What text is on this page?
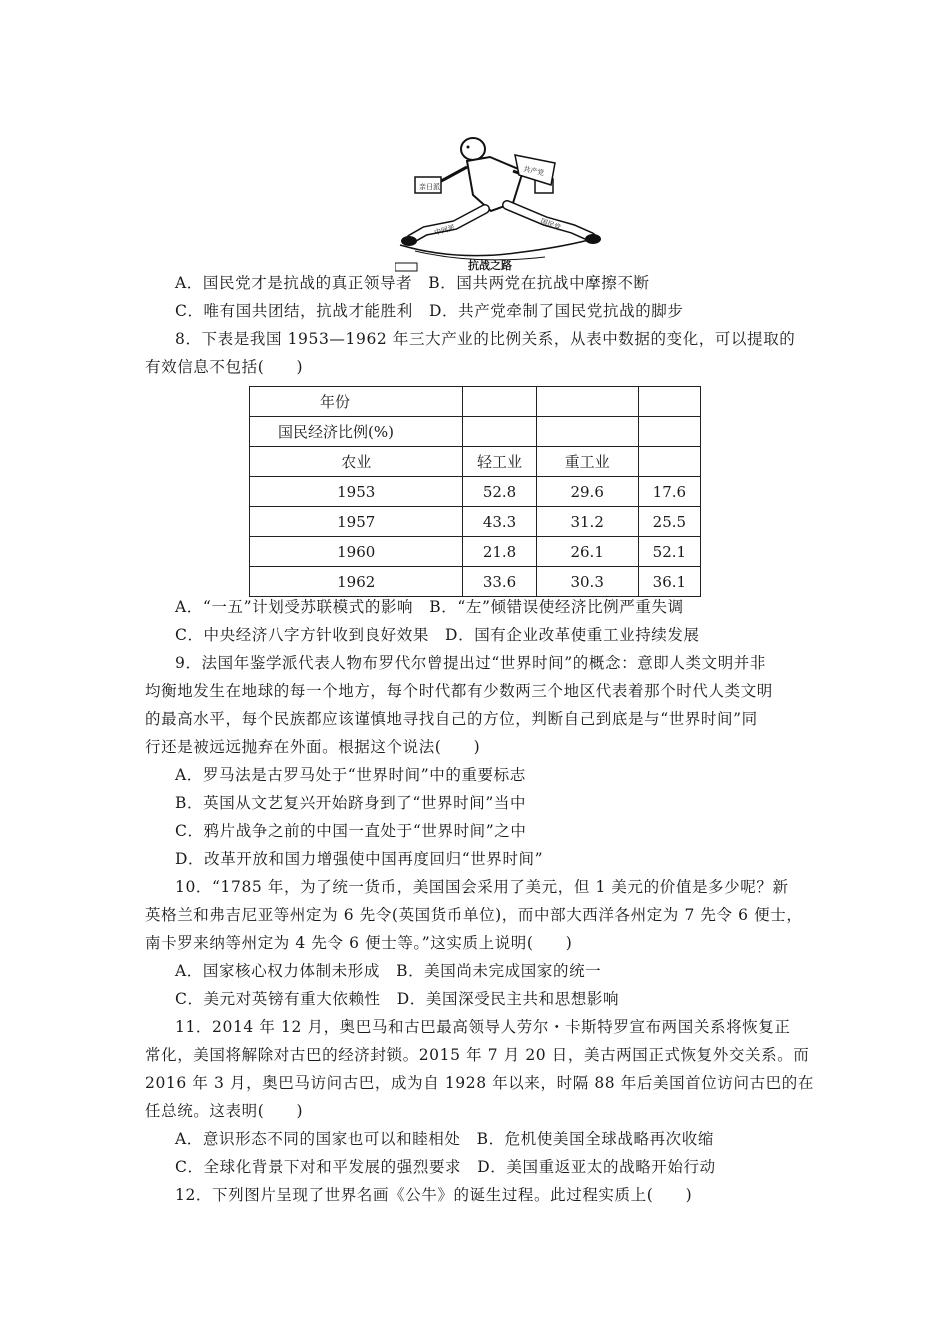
亲日派
共产党
中间派	国民党
抗战之路
A．国民党才是抗战的真正领导者　B．国共两党在抗战中摩擦不断
C．唯有国共团结，抗战才能胜利　D．共产党牵制了国民党抗战的脚步
8．下表是我国 1953—1962 年三大产业的比例关系，从表中数据的变化，可以提取的
有效信息不包括(　　)
年份			
国民经济比例(%)			
农业	轻工业	重工业	
1953	52.8	29.6	17.6
1957	43.3	31.2	25.5
1960	21.8	26.1	52.1
1962	33.6	30.3	36.1
A．“一五”计划受苏联模式的影响　B．“左”倾错误使经济比例严重失调
C．中央经济八字方针收到良好效果　D．国有企业改革使重工业持续发展
9．法国年鉴学派代表人物布罗代尔曾提出过“世界时间”的概念：意即人类文明并非
均衡地发生在地球的每一个地方，每个时代都有少数两三个地区代表着那个时代人类文明
的最高水平，每个民族都应该谨慎地寻找自己的方位，判断自己到底是与“世界时间”同
行还是被远远抛弃在外面。根据这个说法(　　)
A．罗马法是古罗马处于“世界时间”中的重要标志
B．英国从文艺复兴开始跻身到了“世界时间”当中
C．鸦片战争之前的中国一直处于“世界时间”之中
D．改革开放和国力增强使中国再度回归“世界时间”
10．“1785 年，为了统一货币，美国国会采用了美元，但 1 美元的价值是多少呢？新
英格兰和弗吉尼亚等州定为 6 先令(英国货币单位)，而中部大西洋各州定为 7 先令 6 便士，
南卡罗来纳等州定为 4 先令 6 便士等。”这实质上说明(　　)
A．国家核心权力体制未形成　B．美国尚未完成国家的统一
C．美元对英镑有重大依赖性　D．美国深受民主共和思想影响
11．2014 年 12 月，奥巴马和古巴最高领导人劳尔・卡斯特罗宣布两国关系将恢复正
常化，美国将解除对古巴的经济封锁。2015 年 7 月 20 日，美古两国正式恢复外交关系。而
2016 年 3 月，奥巴马访问古巴，成为自 1928 年以来，时隔 88 年后美国首位访问古巴的在
任总统。这表明(　　)
A．意识形态不同的国家也可以和睦相处　B．危机使美国全球战略再次收缩
C．全球化背景下对和平发展的强烈要求　D．美国重返亚太的战略开始行动
12．下列图片呈现了世界名画《公牛》的诞生过程。此过程实质上(　　)
